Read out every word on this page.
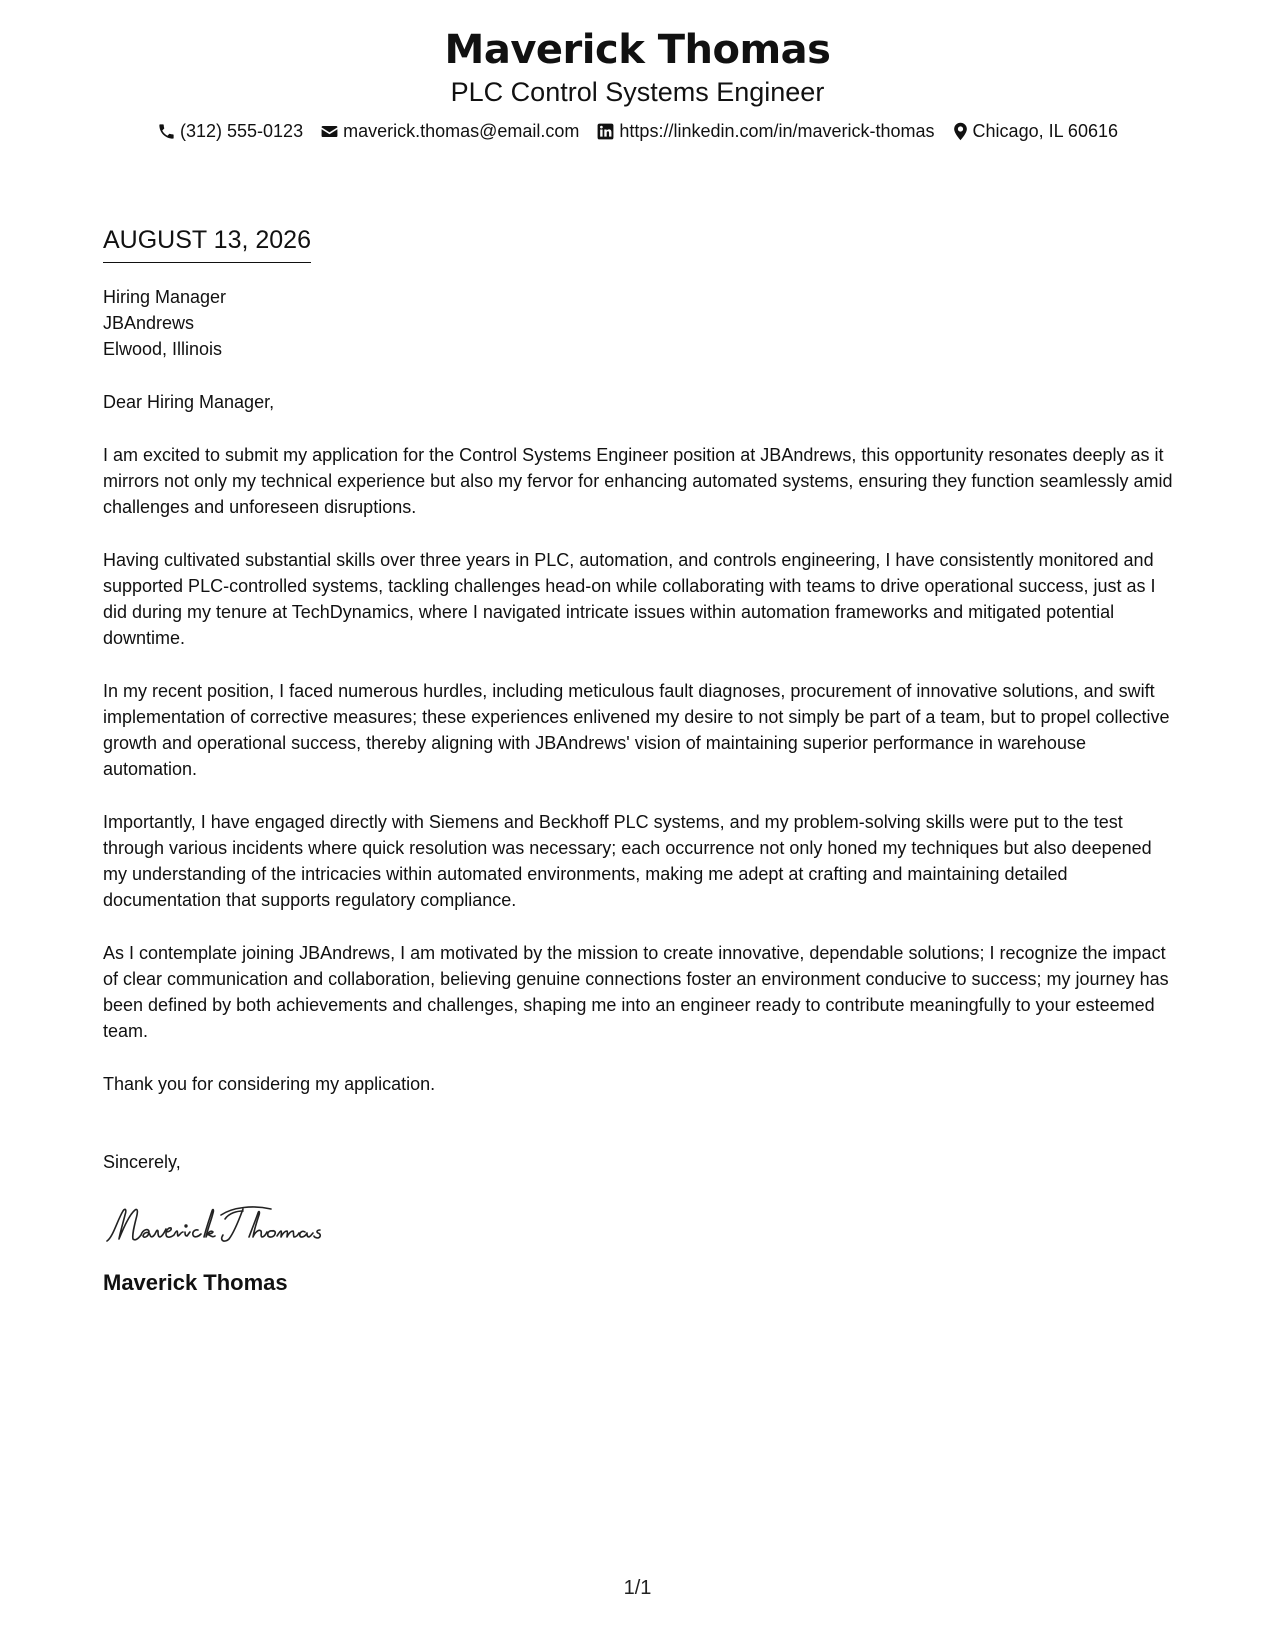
Maverick Thomas
PLC Control Systems Engineer
(312) 555-0123 maverick.thomas@email.com https://linkedin.com/in/maverick-thomas Chicago, IL 60616
AUGUST 13, 2026
Hiring Manager
JBAndrews
Elwood, Illinois
Dear Hiring Manager,
I am excited to submit my application for the Control Systems Engineer position at JBAndrews, this opportunity resonates deeply as it mirrors not only my technical experience but also my fervor for enhancing automated systems, ensuring they function seamlessly amid challenges and unforeseen disruptions.
Having cultivated substantial skills over three years in PLC, automation, and controls engineering, I have consistently monitored and supported PLC-controlled systems, tackling challenges head-on while collaborating with teams to drive operational success, just as I did during my tenure at TechDynamics, where I navigated intricate issues within automation frameworks and mitigated potential downtime.
In my recent position, I faced numerous hurdles, including meticulous fault diagnoses, procurement of innovative solutions, and swift implementation of corrective measures; these experiences enlivened my desire to not simply be part of a team, but to propel collective growth and operational success, thereby aligning with JBAndrews' vision of maintaining superior performance in warehouse automation.
Importantly, I have engaged directly with Siemens and Beckhoff PLC systems, and my problem-solving skills were put to the test through various incidents where quick resolution was necessary; each occurrence not only honed my techniques but also deepened my understanding of the intricacies within automated environments, making me adept at crafting and maintaining detailed documentation that supports regulatory compliance.
As I contemplate joining JBAndrews, I am motivated by the mission to create innovative, dependable solutions; I recognize the impact of clear communication and collaboration, believing genuine connections foster an environment conducive to success; my journey has been defined by both achievements and challenges, shaping me into an engineer ready to contribute meaningfully to your esteemed team.
Thank you for considering my application.
Sincerely,
Maverick Thomas
1/1
